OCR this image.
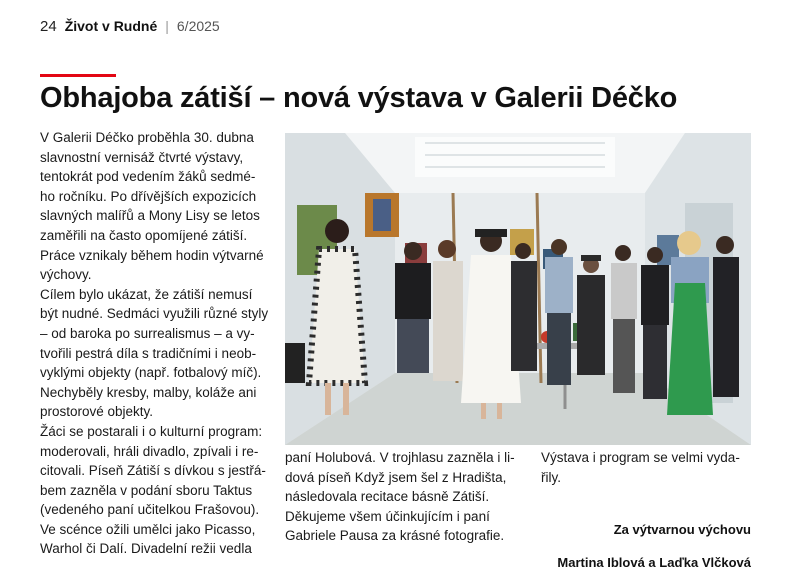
24 Život v Rudné | 6/2025
Obhajoba zátiší – nová výstava v Galerii Déčko

V Galerii Déčko proběhla 30. dubna

slavnostní vernisáž čtvrté výstavy,

tentokrát pod vedením žáků sedmé-

ho ročníku. Po dřívějších expozicích

slavných malířů a Mony Lisy se letos

zaměřili na často opomíjené zátiší.

Práce vznikaly během hodin výtvarné

výchovy.

Cílem bylo ukázat, že zátiší nemusí

být nudné. Sedmáci využili různé styly

– od baroka po surrealismus – a vy-

tvořili pestrá díla s tradičními i neob-

vyklými objekty (např. fotbalový míč).

Nechyběly kresby, malby, koláže ani

prostorové objekty.

Žáci se postarali i o kulturní program:

moderovali, hráli divadlo, zpívali i re-

citovali. Píseň Zátiší s dívkou s jestřá-

bem zazněla v podání sboru Taktus

(vedeného paní učitelkou Frašovou).

Ve scénce ožili umělci jako Picasso,

Warhol či Dalí. Divadelní režii vedla

paní Holubová. V trojhlasu zazněla i li-

dová píseň Když jsem šel z Hradišta,

následovala recitace básně Zátiší.

Děkujeme všem účinkujícím i paní

Gabriele Pausa za krásné fotografie.

Výstava i program se velmi vyda-

řily.

Za výtvarnou výchovu

Martina Iblová a Laďka Vlčková
